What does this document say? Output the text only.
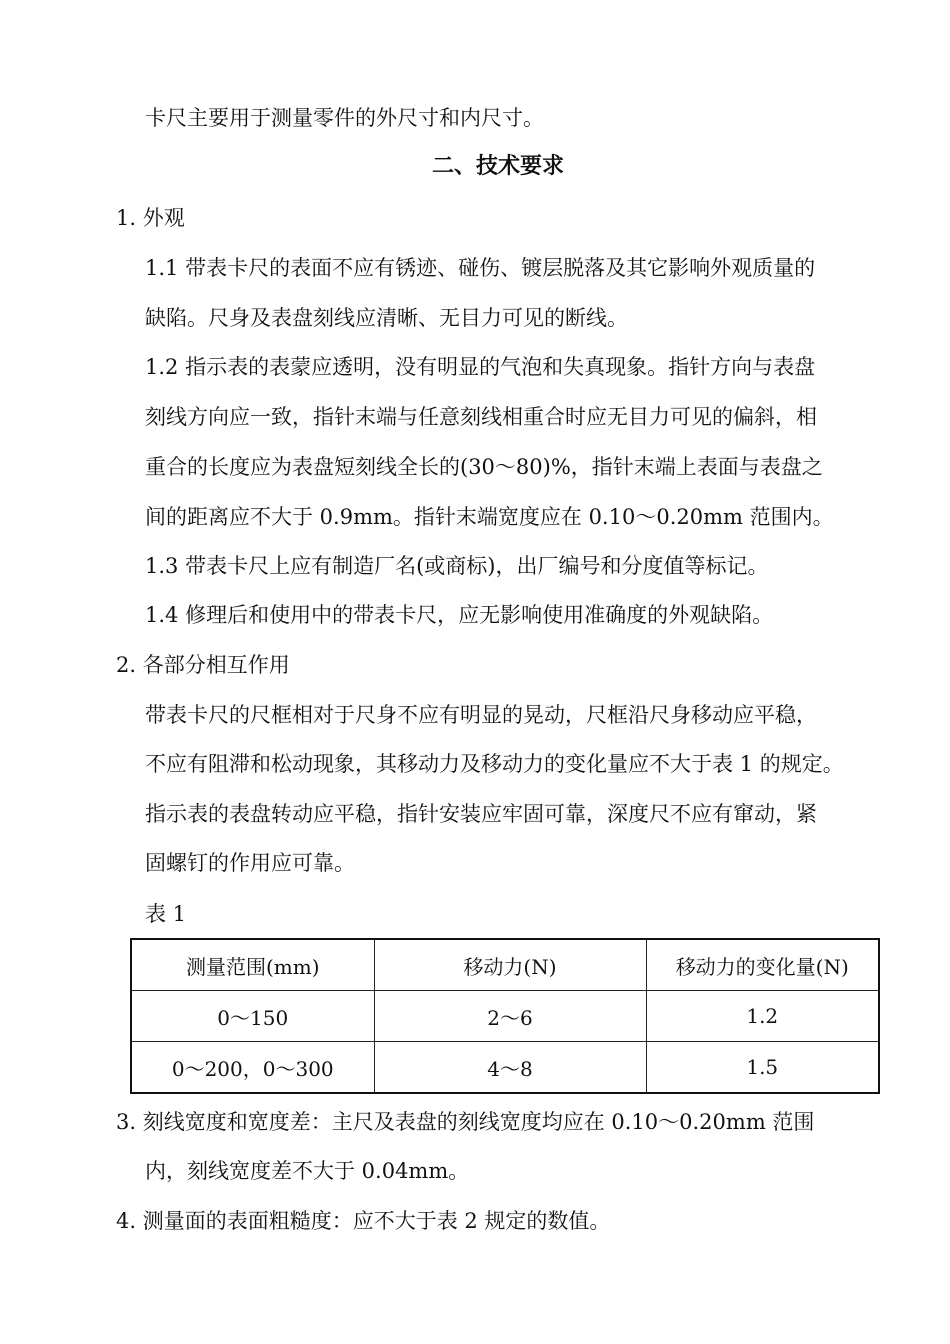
卡尺主要用于测量零件的外尺寸和内尺寸。
二、技术要求
1. 外观
1.1 带表卡尺的表面不应有锈迹、碰伤、镀层脱落及其它影响外观质量的
缺陷。尺身及表盘刻线应清晰、无目力可见的断线。
1.2 指示表的表蒙应透明，没有明显的气泡和失真现象。指针方向与表盘
刻线方向应一致，指针末端与任意刻线相重合时应无目力可见的偏斜，相
重合的长度应为表盘短刻线全长的(30～80)%，指针末端上表面与表盘之
间的距离应不大于 0.9mm。指针末端宽度应在 0.10～0.20mm 范围内。
1.3 带表卡尺上应有制造厂名(或商标)，出厂编号和分度值等标记。
1.4 修理后和使用中的带表卡尺，应无影响使用准确度的外观缺陷。
2. 各部分相互作用
带表卡尺的尺框相对于尺身不应有明显的晃动，尺框沿尺身移动应平稳，
不应有阻滞和松动现象，其移动力及移动力的变化量应不大于表 1 的规定。
指示表的表盘转动应平稳，指针安装应牢固可靠，深度尺不应有窜动，紧
固螺钉的作用应可靠。
表 1
测量范围(mm)	移动力(N)	移动力的变化量(N)
0～150	2～6	1.2
0～200，0～300	4～8	1.5
3. 刻线宽度和宽度差：主尺及表盘的刻线宽度均应在 0.10～0.20mm 范围
内，刻线宽度差不大于 0.04mm。
4. 测量面的表面粗糙度：应不大于表 2 规定的数值。
